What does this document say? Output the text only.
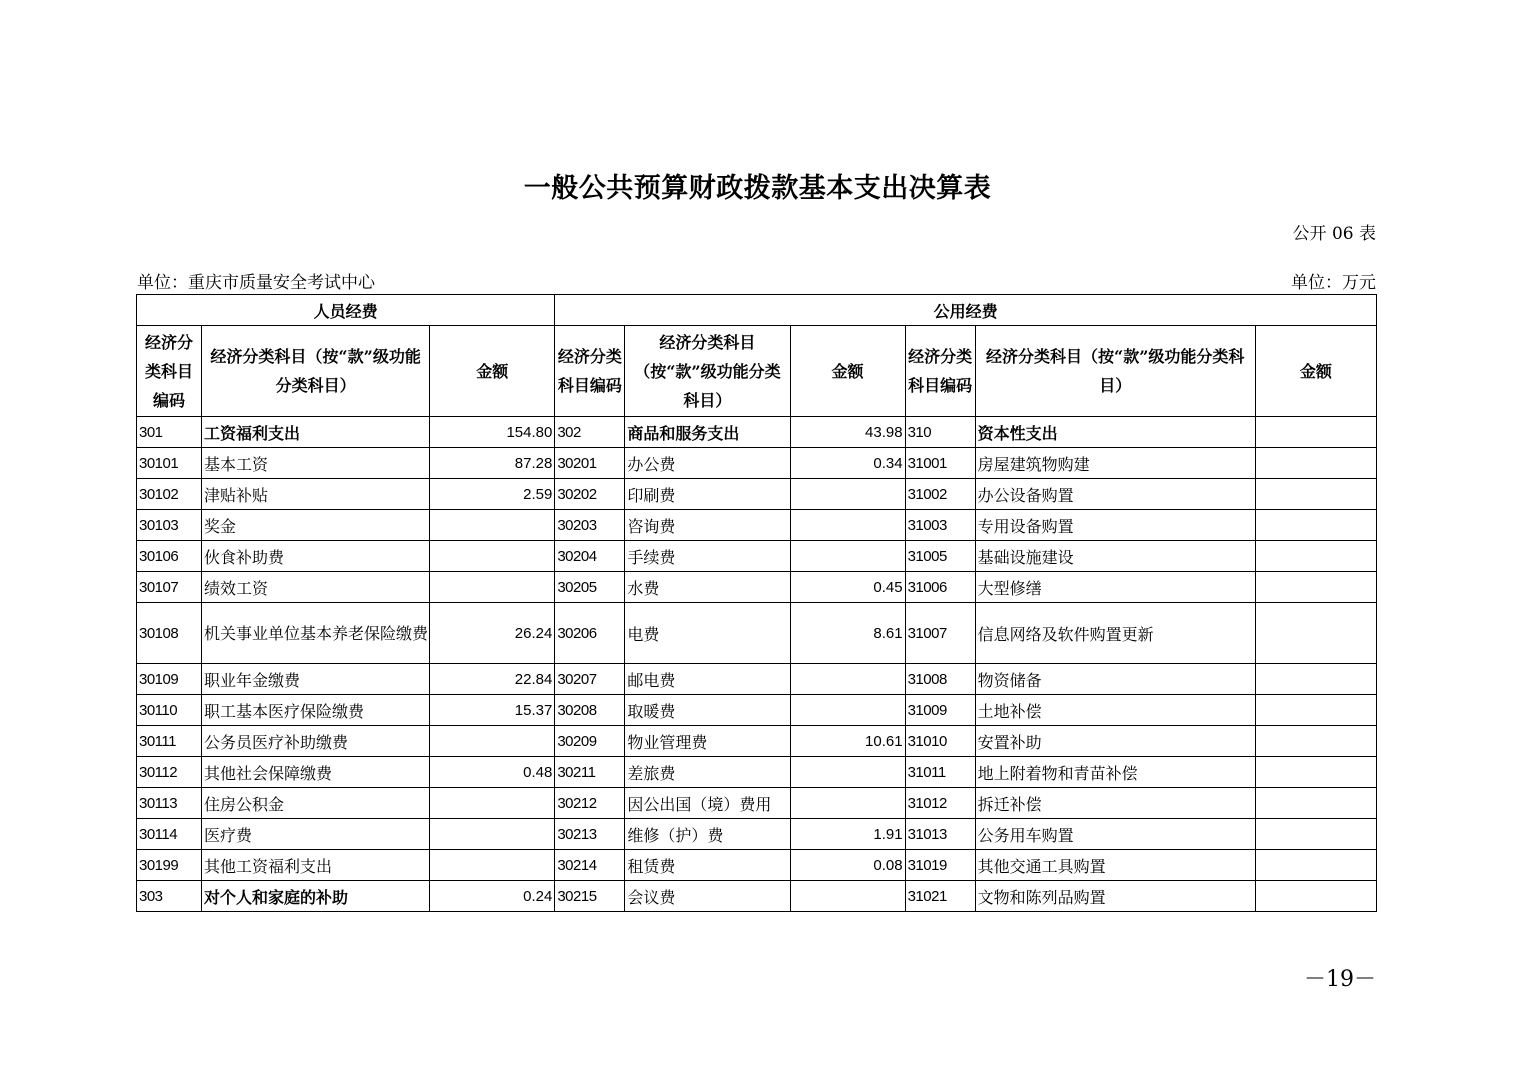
一般公共预算财政拨款基本支出决算表
公开 06 表
单位：重庆市质量安全考试中心	单位：万元
人员经费			公用经费					
经济分类科目编码	经济分类科目（按“款”级功能分类科目）	金额	经济分类科目编码	经济分类科目（按“款”级功能分类科目）	金额	经济分类科目编码	经济分类科目（按“款”级功能分类科目）	金额
301	工资福利支出	154.80	302	商品和服务支出	43.98	310	资本性支出	
30101	基本工资	87.28	30201	办公费	0.34	31001	房屋建筑物购建	
30102	津贴补贴	2.59	30202	印刷费		31002	办公设备购置	
30103	奖金		30203	咨询费		31003	专用设备购置	
30106	伙食补助费		30204	手续费		31005	基础设施建设	
30107	绩效工资		30205	水费	0.45	31006	大型修缮	
30108	机关事业单位基本养老保险缴费	26.24	30206	电费	8.61	31007	信息网络及软件购置更新	
30109	职业年金缴费	22.84	30207	邮电费		31008	物资储备	
30110	职工基本医疗保险缴费	15.37	30208	取暖费		31009	土地补偿	
30111	公务员医疗补助缴费		30209	物业管理费	10.61	31010	安置补助	
30112	其他社会保障缴费	0.48	30211	差旅费		31011	地上附着物和青苗补偿	
30113	住房公积金		30212	因公出国（境）费用		31012	拆迁补偿	
30114	医疗费		30213	维修（护）费	1.91	31013	公务用车购置	
30199	其他工资福利支出		30214	租赁费	0.08	31019	其他交通工具购置	
303	对个人和家庭的补助	0.24	30215	会议费		31021	文物和陈列品购置	
－19－
